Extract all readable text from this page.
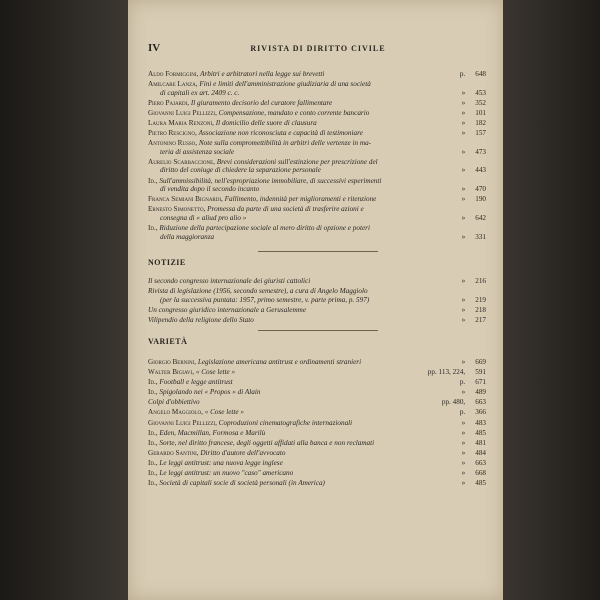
IV	RIVISTA DI DIRITTO CIVILE
Aldo Formiggini, Arbitri e arbitratori nella legge sui brevetti	p. 648
Amilcare Lanza, Fini e limiti dell'amministrazione giudiziaria di una società
di capitali ex art. 2409 c. c.	» 453
Piero Pajardi, Il giuramento decisorio del curatore fallimentare	» 352
Giovanni Luigi Pellizzi, Compensazione, mandato e conto corrente bancario	» 101
Laura Maria Renzoni, Il domicilio delle suore di clausura	» 182
Pietro Rescigno, Associazione non riconosciuta e capacità di testimoniare	» 157
Antonino Russo, Note sulla compromettibilità in arbitri delle vertenze in ma-
teria di assistenza sociale	» 473
Aurelio Scarbaccione, Brevi considerazioni sull'estinzione per prescrizione del
diritto del coniuge di chiedere la separazione personale	» 443
Id., Sull'ammissibilità, nell'espropriazione immobiliare, di successivi esperimenti
di vendita dopo il secondo incanto	» 470
Franca Semiani Bignardi, Fallimento, indennità per miglioramenti e ritenzione	» 190
Ernesto Simonetto, Promessa da parte di una società di trasferire azioni e
consegna di « aliud pro alio »	» 642
Id., Riduzione della partecipazione sociale al mero diritto di opzione e poteri
della maggioranza	» 331
NOTIZIE
Il secondo congresso internazionale dei giuristi cattolici	» 216
Rivista di legislazione (1956, secondo semestre), a cura di Angelo Maggiolo
(per la successiva puntata: 1957, primo semestre, v. parte prima, p. 597)	» 219
Un congresso giuridico internazionale a Gerusalemme	» 218
Vilipendio della religione dello Stato	» 217
VARIETÀ
Giorgio Bernini, Legislazione americana antitrust e ordinamenti stranieri	» 669
Walter Bigiavi, « Cose lette »	pp. 113, 224, 591
Id., Football e legge antitrust	p. 671
Id., Spigolando nei « Propos » di Alain	» 489
Colpi d'obbiettivo	pp. 480, 663
Angelo Maggiolo, « Cose lette »	p. 366
Giovanni Luigi Pellizzi, Coproduzioni cinematografiche internazionali	» 483
Id., Eden, Macmillan, Formosa e Marilù	» 485
Id., Sorte, nel diritto francese, degli oggetti affidati alla banca e non reclamati	» 481
Gerardo Santini, Diritto d'autore dell'avvocato	» 484
Id., Le leggi antitrust: una nuova legge inglese	» 663
Id., Le leggi antitrust: un nuovo "caso" americano	» 668
Id., Società di capitali socie di società personali (in America)	» 485
